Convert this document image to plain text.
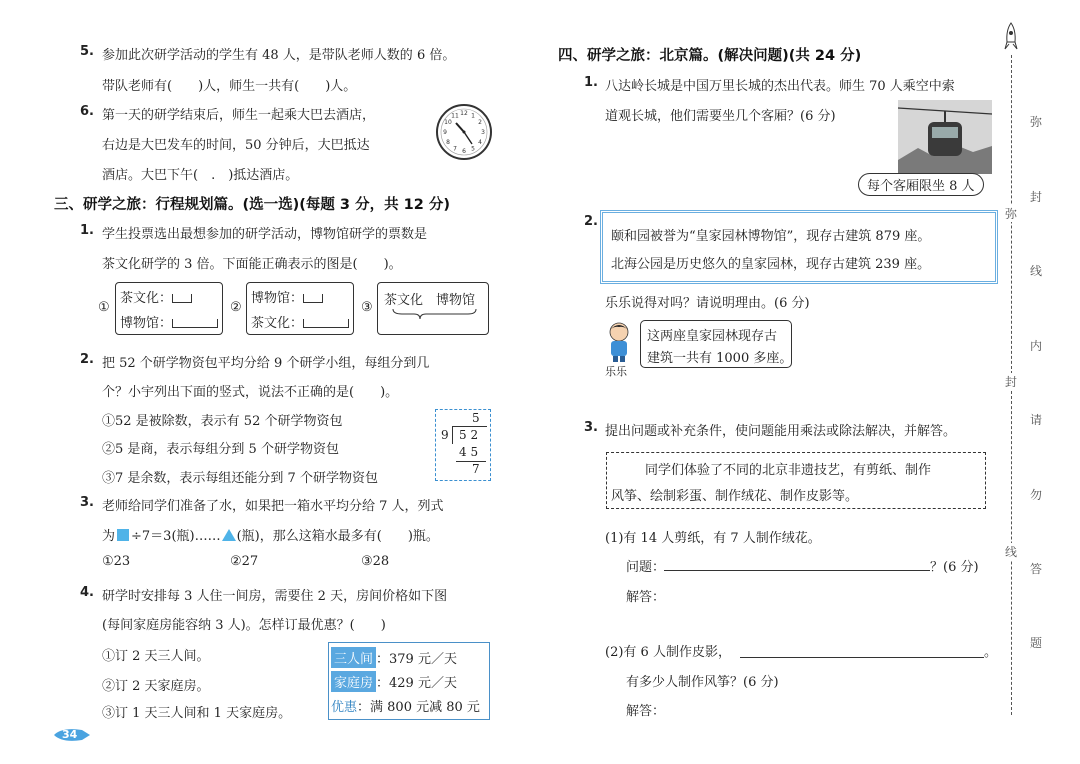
5. 参加此次研学活动的学生有 48 人，是带队老师人数的 6 倍。
带队老师有(　　)人，师生一共有(　　)人。
6. 第一天的研学结束后，师生一起乘大巴去酒店，
右边是大巴发车的时间，50 分钟后，大巴抵达
酒店。大巴下午(　.　)抵达酒店。
12 1
2
3
4
5
6
7
8
9
10
11
三、研学之旅：行程规划篇。(选一选)(每题 3 分，共 12 分)
1. 学生投票选出最想参加的研学活动，博物馆研学的票数是
茶文化研学的 3 倍。下面能正确表示的图是(　　)。
①
茶文化：
博物馆：
②
博物馆：
茶文化：
③ 茶文化 博物馆
2. 把 52 个研学物资包平均分给 9 个研学小组，每组分到几
个？小宇列出下面的竖式，说法不正确的是(　　)。
①52 是被除数，表示有 52 个研学物资包
②5 是商，表示每组分到 5 个研学物资包
③7 是余数，表示每组还能分到 7 个研学物资包
5
9 5 2
4 5
7
3. 老师给同学们准备了水，如果把一箱水平均分给 7 人，列式
为 ÷7＝3(瓶)…… (瓶)，那么这箱水最多有(　　)瓶。
①23	②27	③28
4. 研学时安排每 3 人住一间房，需要住 2 天，房间价格如下图
(每间家庭房能容纳 3 人)。怎样订最优惠？(　　)
①订 2 天三人间。
②订 2 天家庭房。
③订 1 天三人间和 1 天家庭房。
三人间 ：379 元／天
家庭房 ：429 元／天
优惠：满 800 元减 80 元
34
四、研学之旅：北京篇。(解决问题)(共 24 分)
1. 八达岭长城是中国万里长城的杰出代表。师生 70 人乘空中索
道观长城，他们需要坐几个客厢？(6 分)
每个客厢限坐 8 人
2.
颐和园被誉为“皇家园林博物馆”，现存古建筑 879 座。
北海公园是历史悠久的皇家园林，现存古建筑 239 座。
乐乐说得对吗？请说明理由。(6 分)
乐乐
这两座皇家园林现存古
建筑一共有 1000 多座。
3. 提出问题或补充条件，使问题能用乘法或除法解决，并解答。
同学们体验了不同的北京非遗技艺，有剪纸、制作
风筝、绘制彩蛋、制作绒花、制作皮影等。
(1)有 14 人剪纸，有 7 人制作绒花。
问题：	？(6 分)
解答：
(2)有 6 人制作皮影，	。
有多少人制作风筝？(6 分)
解答：
弥
封
线
弥
封
线
内
请
勿
答
题
